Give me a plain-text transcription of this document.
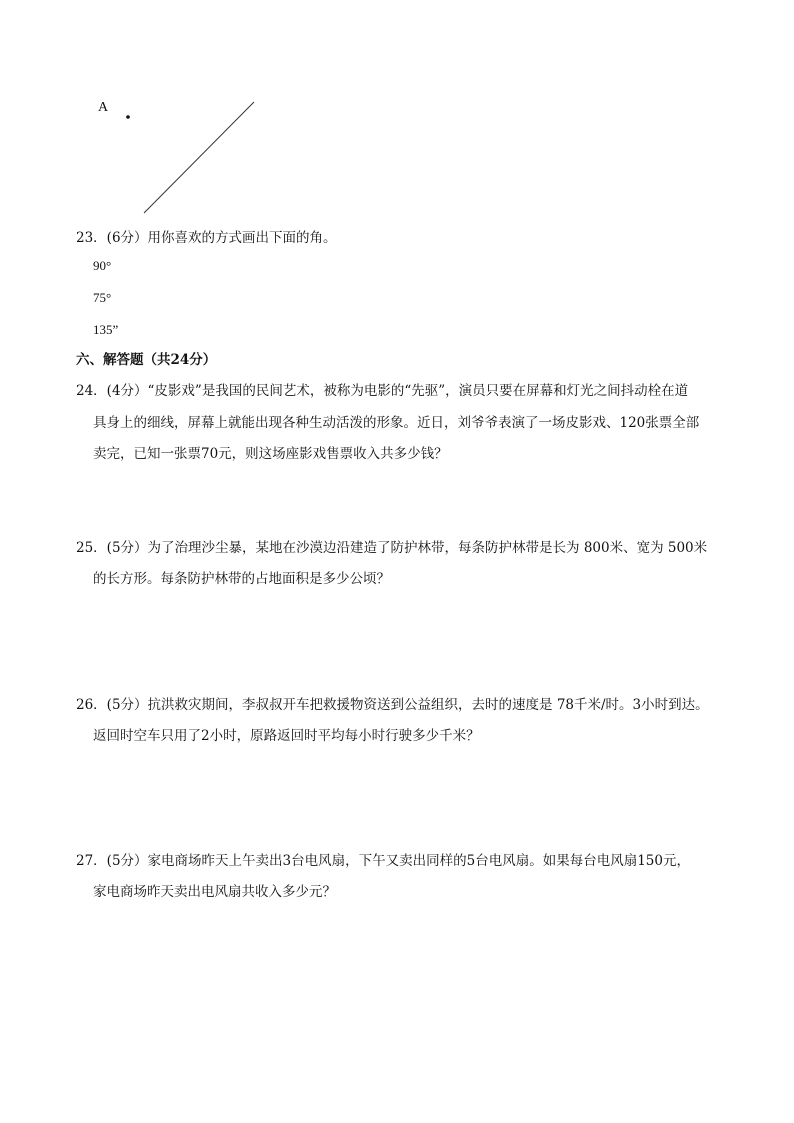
A
23．(6分）用你喜欢的方式画出下面的角。
90°
75°
135”
六、解答题（共24分）
24．(4分）“皮影戏”是我国的民间艺术，被称为电影的“先驱”，演员只要在屏幕和灯光之间抖动栓在道
具身上的细线，屏幕上就能出现各种生动活泼的形象。近日，刘爷爷表演了一场皮影戏、120张票全部
卖完，已知一张票70元，则这场座影戏售票收入共多少钱？
25．(5分）为了治理沙尘暴，某地在沙漠边沿建造了防护林带，每条防护林带是长为 800米、宽为 500米
的长方形。每条防护林带的占地面积是多少公顷？
26．(5分）抗洪救灾期间，李叔叔开车把救援物资送到公益组织，去时的速度是 78千米/时。3小时到达。
返回时空车只用了2小时，原路返回时平均每小时行驶多少千米？
27．(5分）家电商场昨天上午卖出3台电风扇，下午又卖出同样的5台电风扇。如果每台电风扇150元，
家电商场昨天卖出电风扇共收入多少元？
